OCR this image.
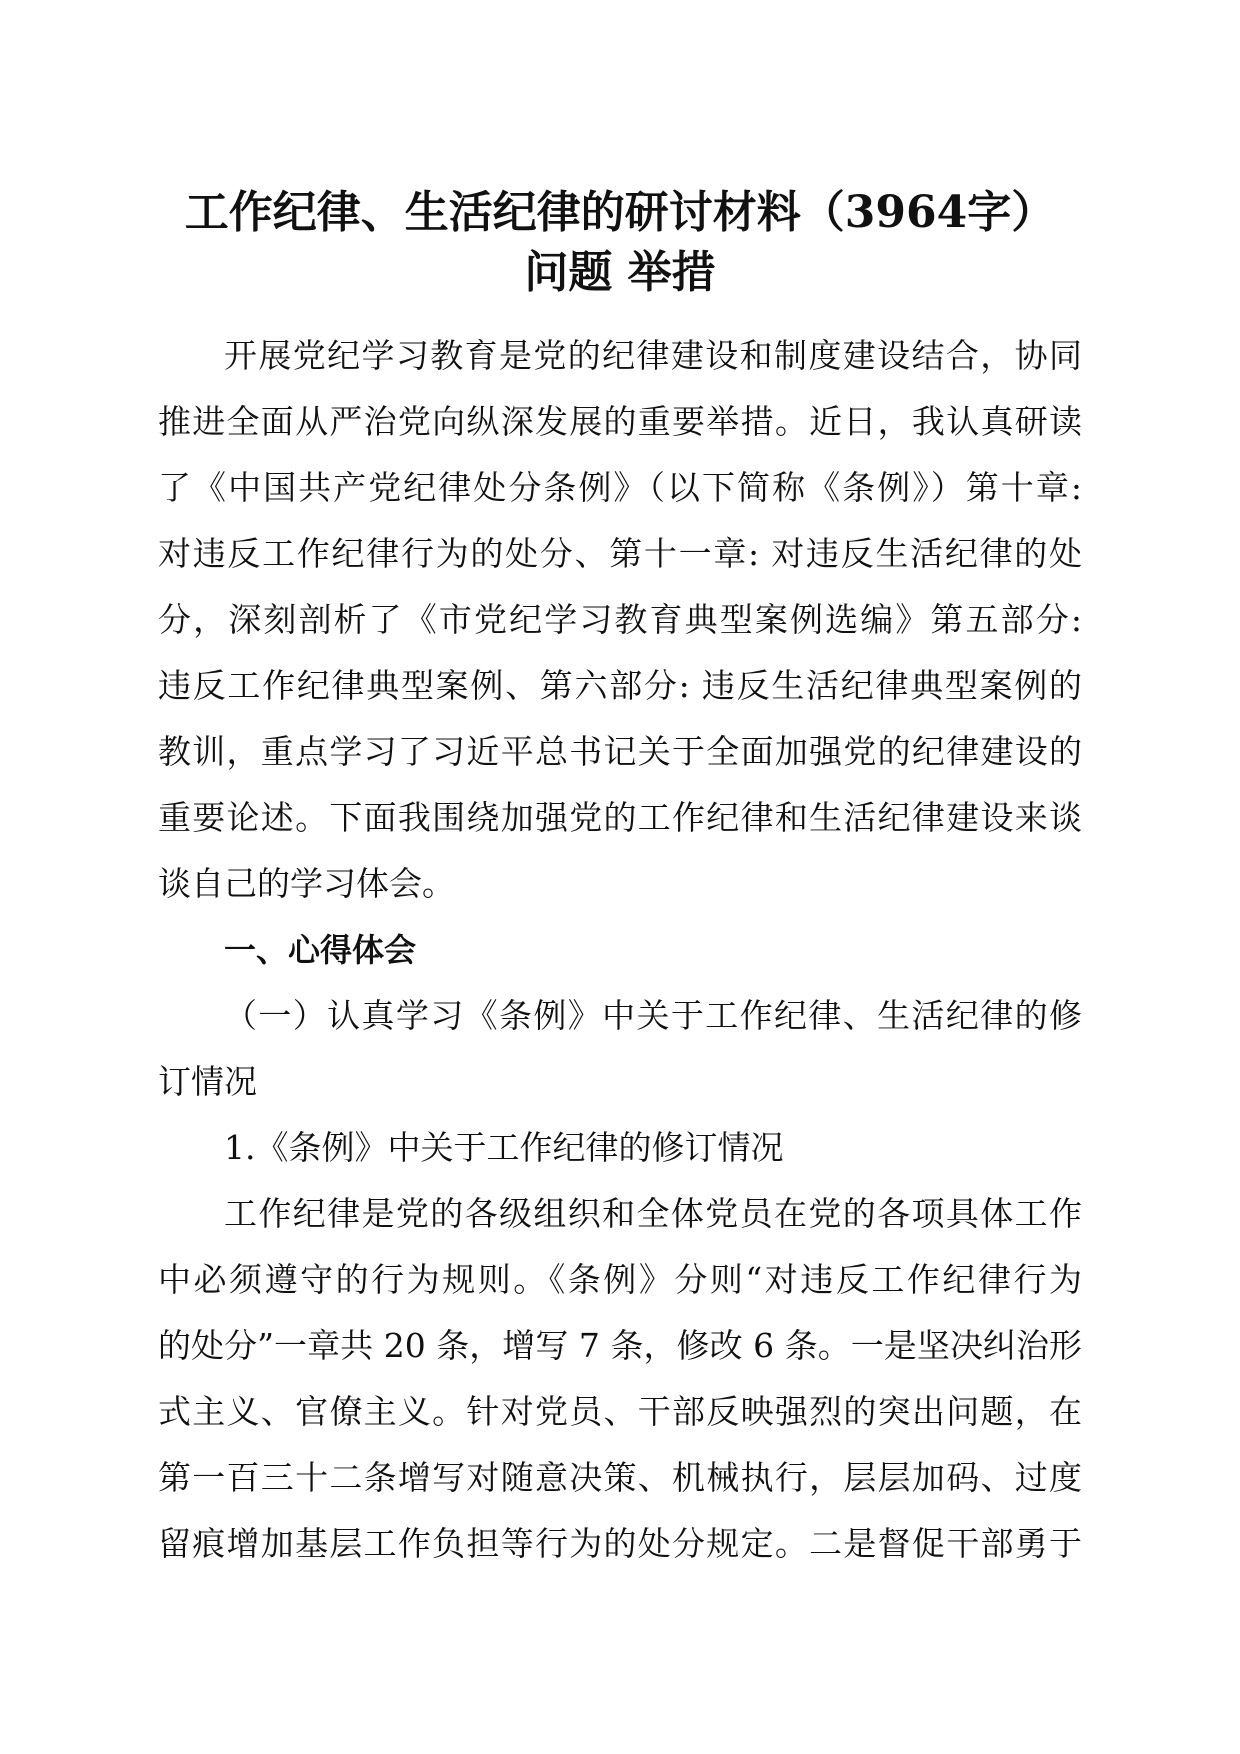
工作纪律、生活纪律的研讨材料（3964字）
问题 举措
开展党纪学习教育是党的纪律建设和制度建设结合，协同
推进全面从严治党向纵深发展的重要举措。近日，我认真研读
了《中国共产党纪律处分条例》（以下简称《条例》）第十章:
对违反工作纪律行为的处分、第十一章: 对违反生活纪律的处
分，深刻剖析了《市党纪学习教育典型案例选编》第五部分:
违反工作纪律典型案例、第六部分: 违反生活纪律典型案例的
教训，重点学习了习近平总书记关于全面加强党的纪律建设的
重要论述。下面我围绕加强党的工作纪律和生活纪律建设来谈
谈自己的学习体会。
一、心得体会
（一）认真学习《条例》中关于工作纪律、生活纪律的修
订情况
1.《条例》中关于工作纪律的修订情况
工作纪律是党的各级组织和全体党员在党的各项具体工作
中必须遵守的行为规则。《条例》分则“对违反工作纪律行为
的处分”一章共 20 条，增写 7 条，修改 6 条。一是坚决纠治形
式主义、官僚主义。针对党员、干部反映强烈的突出问题，在
第一百三十二条增写对随意决策、机械执行，层层加码、过度
留痕增加基层工作负担等行为的处分规定。二是督促干部勇于
